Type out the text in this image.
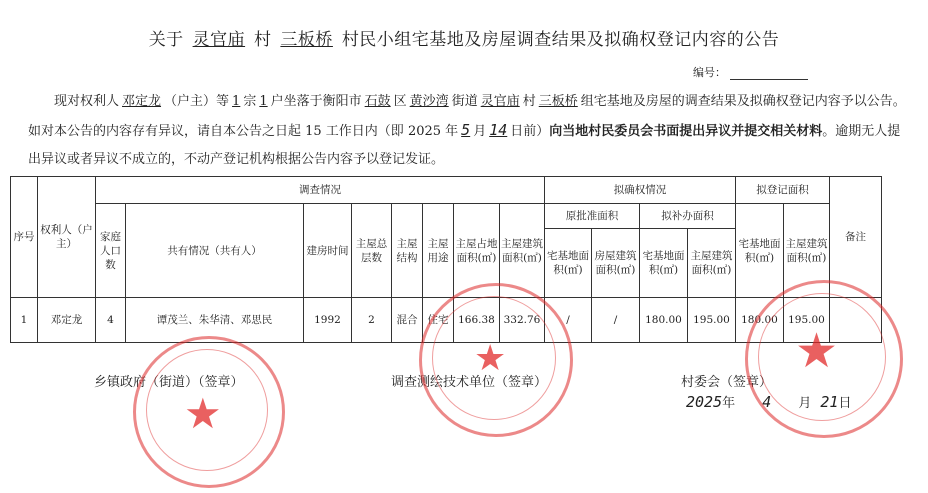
关于 灵官庙 村 三板桥 村民小组宅基地及房屋调查结果及拟确权登记内容的公告
编号：
  现对权利人 邓定龙 （户主）等 1 宗 1 户坐落于衡阳市 石鼓 区 黄沙湾 街道 灵官庙 村 三板桥 组宅基地及房屋的调查结果及拟确权登记内容予以公告。如对本公告的内容存有异议，请自本公告之日起 15 工作日内（即 2025 年 5 月 14 日前）向当地村民委员会书面提出异议并提交相关材料。逾期无人提出异议或者异议不成立的，不动产登记机构根据公告内容予以登记发证。
序号	权利人（户主）	调查情况								拟确权情况				拟登记面积		备注
		家庭人口数	共有情况（共有人）	建房时间	主屋总层数	主屋结构	主屋用途	主屋占地面积(㎡)	主屋建筑面积(㎡)	原批准面积		拟补办面积		宅基地面积(㎡)	主屋建筑面积(㎡)	
										宅基地面积(㎡)	房屋建筑面积(㎡)	宅基地面积(㎡)	主屋建筑面积(㎡)			
1	邓定龙	4	谭茂兰、朱华清、邓思民	1992	2	混合	住宅	166.38	332.76	/	/	180.00	195.00	180.00	195.00	
乡镇政府（街道）（签章）	调查测绘技术单位（签章）	村委会（签章）
2025年 4 月 21日
★
★	★
